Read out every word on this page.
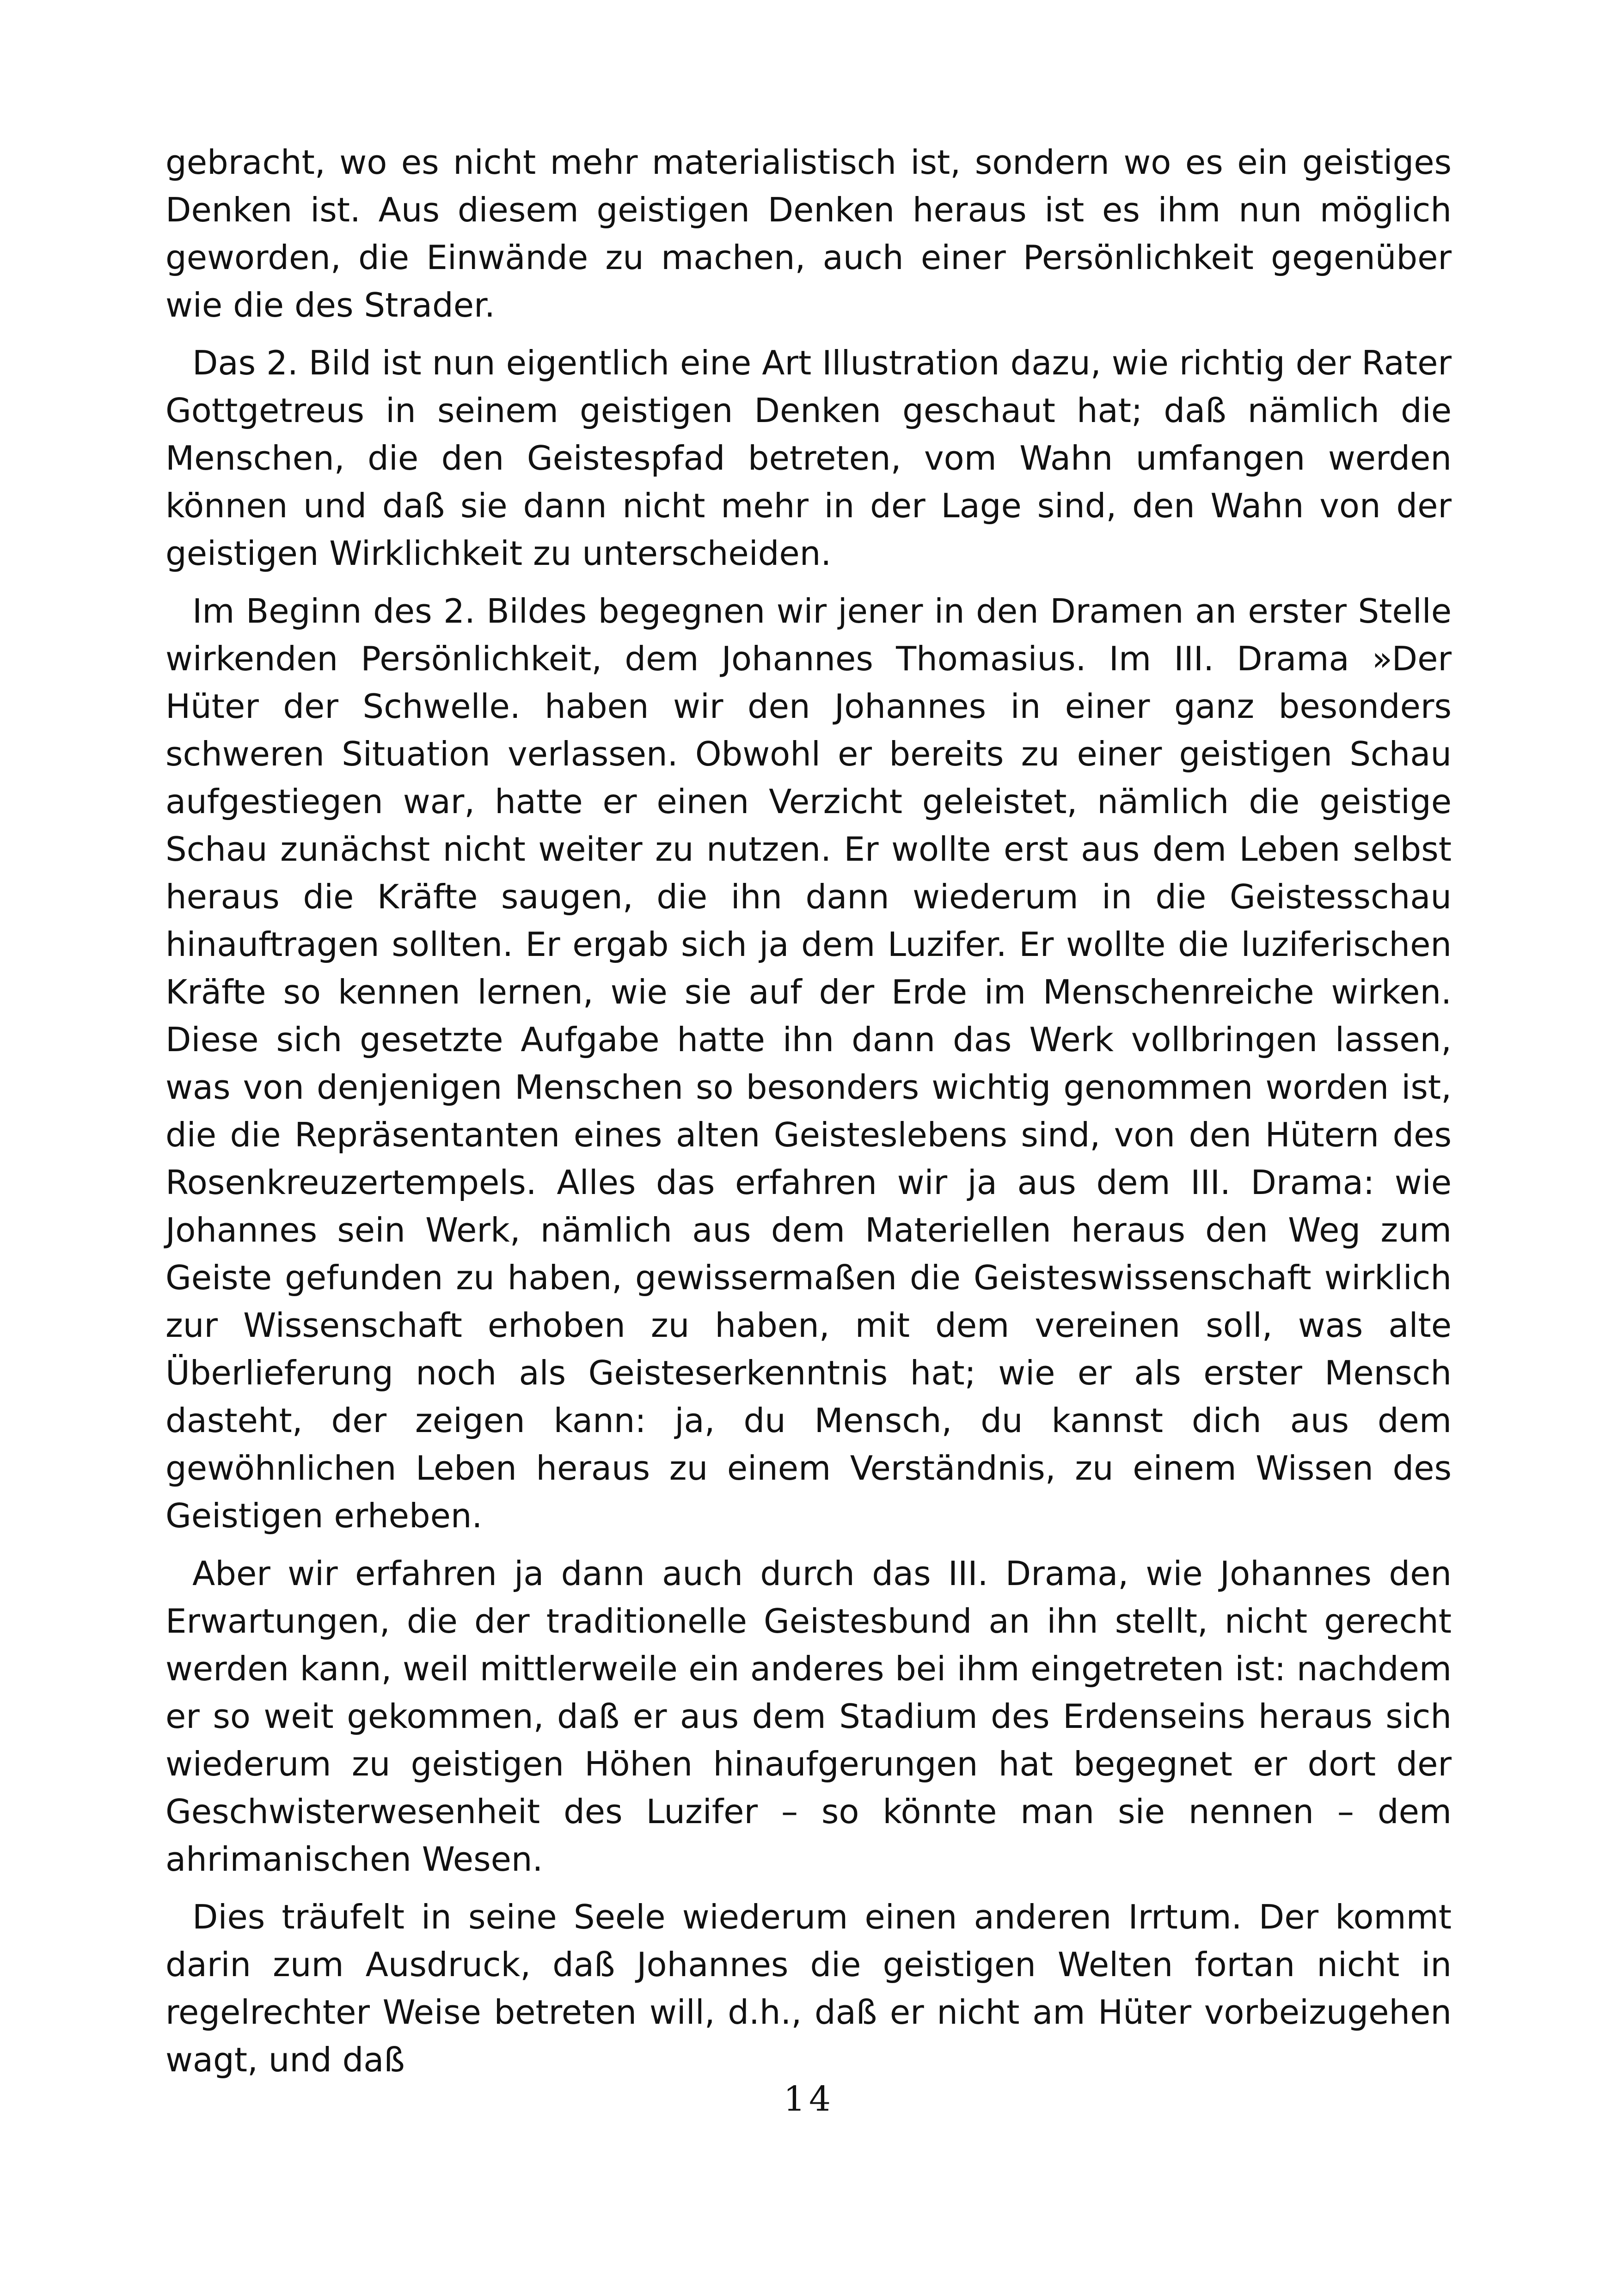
gebracht, wo es nicht mehr materialistisch ist, sondern wo es ein geistiges Denken ist. Aus diesem geistigen Denken heraus ist es ihm nun möglich geworden, die Einwände zu machen, auch einer Persönlichkeit gegenüber wie die des Strader.

Das 2. Bild ist nun eigentlich eine Art Illustration dazu, wie richtig der Rater Gottgetreus in seinem geistigen Denken geschaut hat; daß nämlich die Menschen, die den Geistespfad betreten, vom Wahn umfangen werden können und daß sie dann nicht mehr in der Lage sind, den Wahn von der geistigen Wirklichkeit zu unterscheiden.

Im Beginn des 2. Bildes begegnen wir jener in den Dramen an erster Stelle wirkenden Persönlichkeit, dem Johannes Thomasius. Im III. Drama »Der Hüter der Schwelle. haben wir den Johannes in einer ganz besonders schweren Situation verlassen. Obwohl er bereits zu einer geistigen Schau aufgestiegen war, hatte er einen Verzicht geleistet, nämlich die geistige Schau zunächst nicht weiter zu nutzen. Er wollte erst aus dem Leben selbst heraus die Kräfte saugen, die ihn dann wiederum in die Geistesschau hinauftragen sollten. Er ergab sich ja dem Luzifer. Er wollte die luziferischen Kräfte so kennen lernen, wie sie auf der Erde im Menschenreiche wirken. Diese sich gesetzte Aufgabe hatte ihn dann das Werk vollbringen lassen, was von denjenigen Menschen so besonders wichtig genommen worden ist, die die Repräsentanten eines alten Geisteslebens sind, von den Hütern des Rosenkreuzertempels. Alles das erfahren wir ja aus dem III. Drama: wie Johannes sein Werk, nämlich aus dem Materiellen heraus den Weg zum Geiste gefunden zu haben, gewissermaßen die Geisteswissenschaft wirklich zur Wissenschaft erhoben zu haben, mit dem vereinen soll, was alte Überlieferung noch als Geisteserkenntnis hat; wie er als erster Mensch dasteht, der zeigen kann: ja, du Mensch, du kannst dich aus dem gewöhnlichen Leben heraus zu einem Verständnis, zu einem Wissen des Geistigen erheben.

Aber wir erfahren ja dann auch durch das III. Drama, wie Johannes den Erwartungen, die der traditionelle Geistesbund an ihn stellt, nicht gerecht werden kann, weil mittlerweile ein anderes bei ihm eingetreten ist: nachdem er so weit gekommen, daß er aus dem Stadium des Erdenseins heraus sich wiederum zu geistigen Höhen hinaufgerungen hat begegnet er dort der Geschwisterwesenheit des Luzifer – so könnte man sie nennen – dem ahrimanischen Wesen.

Dies träufelt in seine Seele wiederum einen anderen Irrtum. Der kommt darin zum Ausdruck, daß Johannes die geistigen Welten fortan nicht in regelrechter Weise betreten will, d.h., daß er nicht am Hüter vorbeizugehen wagt, und daß

14
